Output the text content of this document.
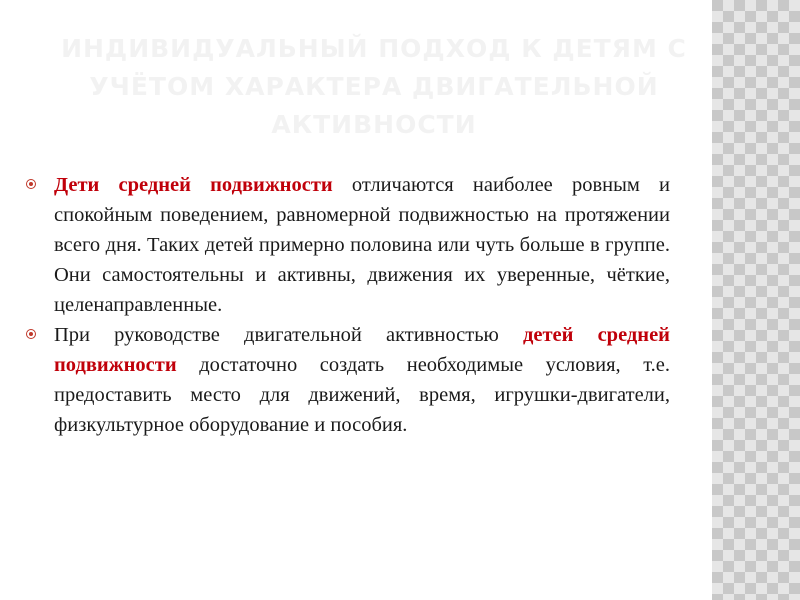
ИНДИВИДУАЛЬНЫЙ ПОДХОД К ДЕТЯМ С УЧЁТОМ ХАРАКТЕРА ДВИГАТЕЛЬНОЙ АКТИВНОСТИ
Дети средней подвижности отличаются наиболее ровным и спокойным поведением, равномерной подвижностью на протяжении всего дня. Таких детей примерно половина или чуть больше в группе. Они самостоятельны и активны, движения их уверенные, чёткие, целенаправленные.
При руководстве двигательной активностью детей средней подвижности достаточно создать необходимые условия, т.е. предоставить место для движений, время, игрушки-двигатели, физкультурное оборудование и пособия.
